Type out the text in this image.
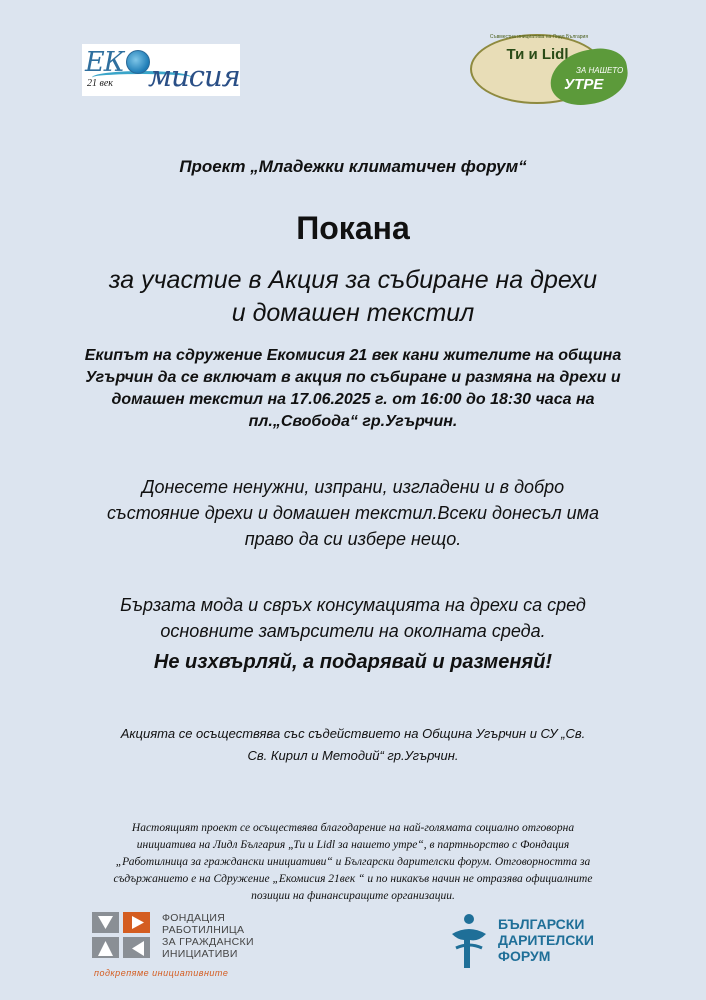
ЕК мисия
21 век
Съвместна инициатива на Лидл България
Ти и Lidl
ЗА НАШЕТО
УТРЕ
Проект „Младежки климатичен форум“
Покана
за участие в Акция за събиране на дрехи
и домашен текстил
Екипът на сдружение Екомисия 21 век кани жителите на община
Угърчин да се включат в акция по събиране и размяна на дрехи и
домашен текстил на 17.06.2025 г. от 16:00 до 18:30 часа на
пл.„Свобода“ гр.Угърчин.
Донесете ненужни, изпрани, изгладени и в добро
състояние дрехи и домашен текстил.Всеки донесъл има
право да си избере нещо.
Бързата мода и свръх консумацията на дрехи са сред
основните замърсители на околната среда.
Не изхвърляй, а подарявай и разменяй!
Акцията се осъществява със съдействието на Община Угърчин и СУ „Св.
Св. Кирил и Методий“ гр.Угърчин.
Настоящият проект се осъществява благодарение на най-голямата социално отговорна
инициатива на Лидл България „Ти и Lidl за нашето утре“, в партньорство с Фондация
„Работилница за граждански инициативи“ и Български дарителски форум. Отговорността за
съдържанието е на Сдружение „Екомисия 21век “ и по никакъв начин не отразява официалните
позиции на финансиращите организации.
ФОНДАЦИЯ
РАБОТИЛНИЦА
ЗА ГРАЖДАНСКИ
ИНИЦИАТИВИ
подкрепяме инициативните
БЪЛГАРСКИ
ДАРИТЕЛСКИ
ФОРУМ
